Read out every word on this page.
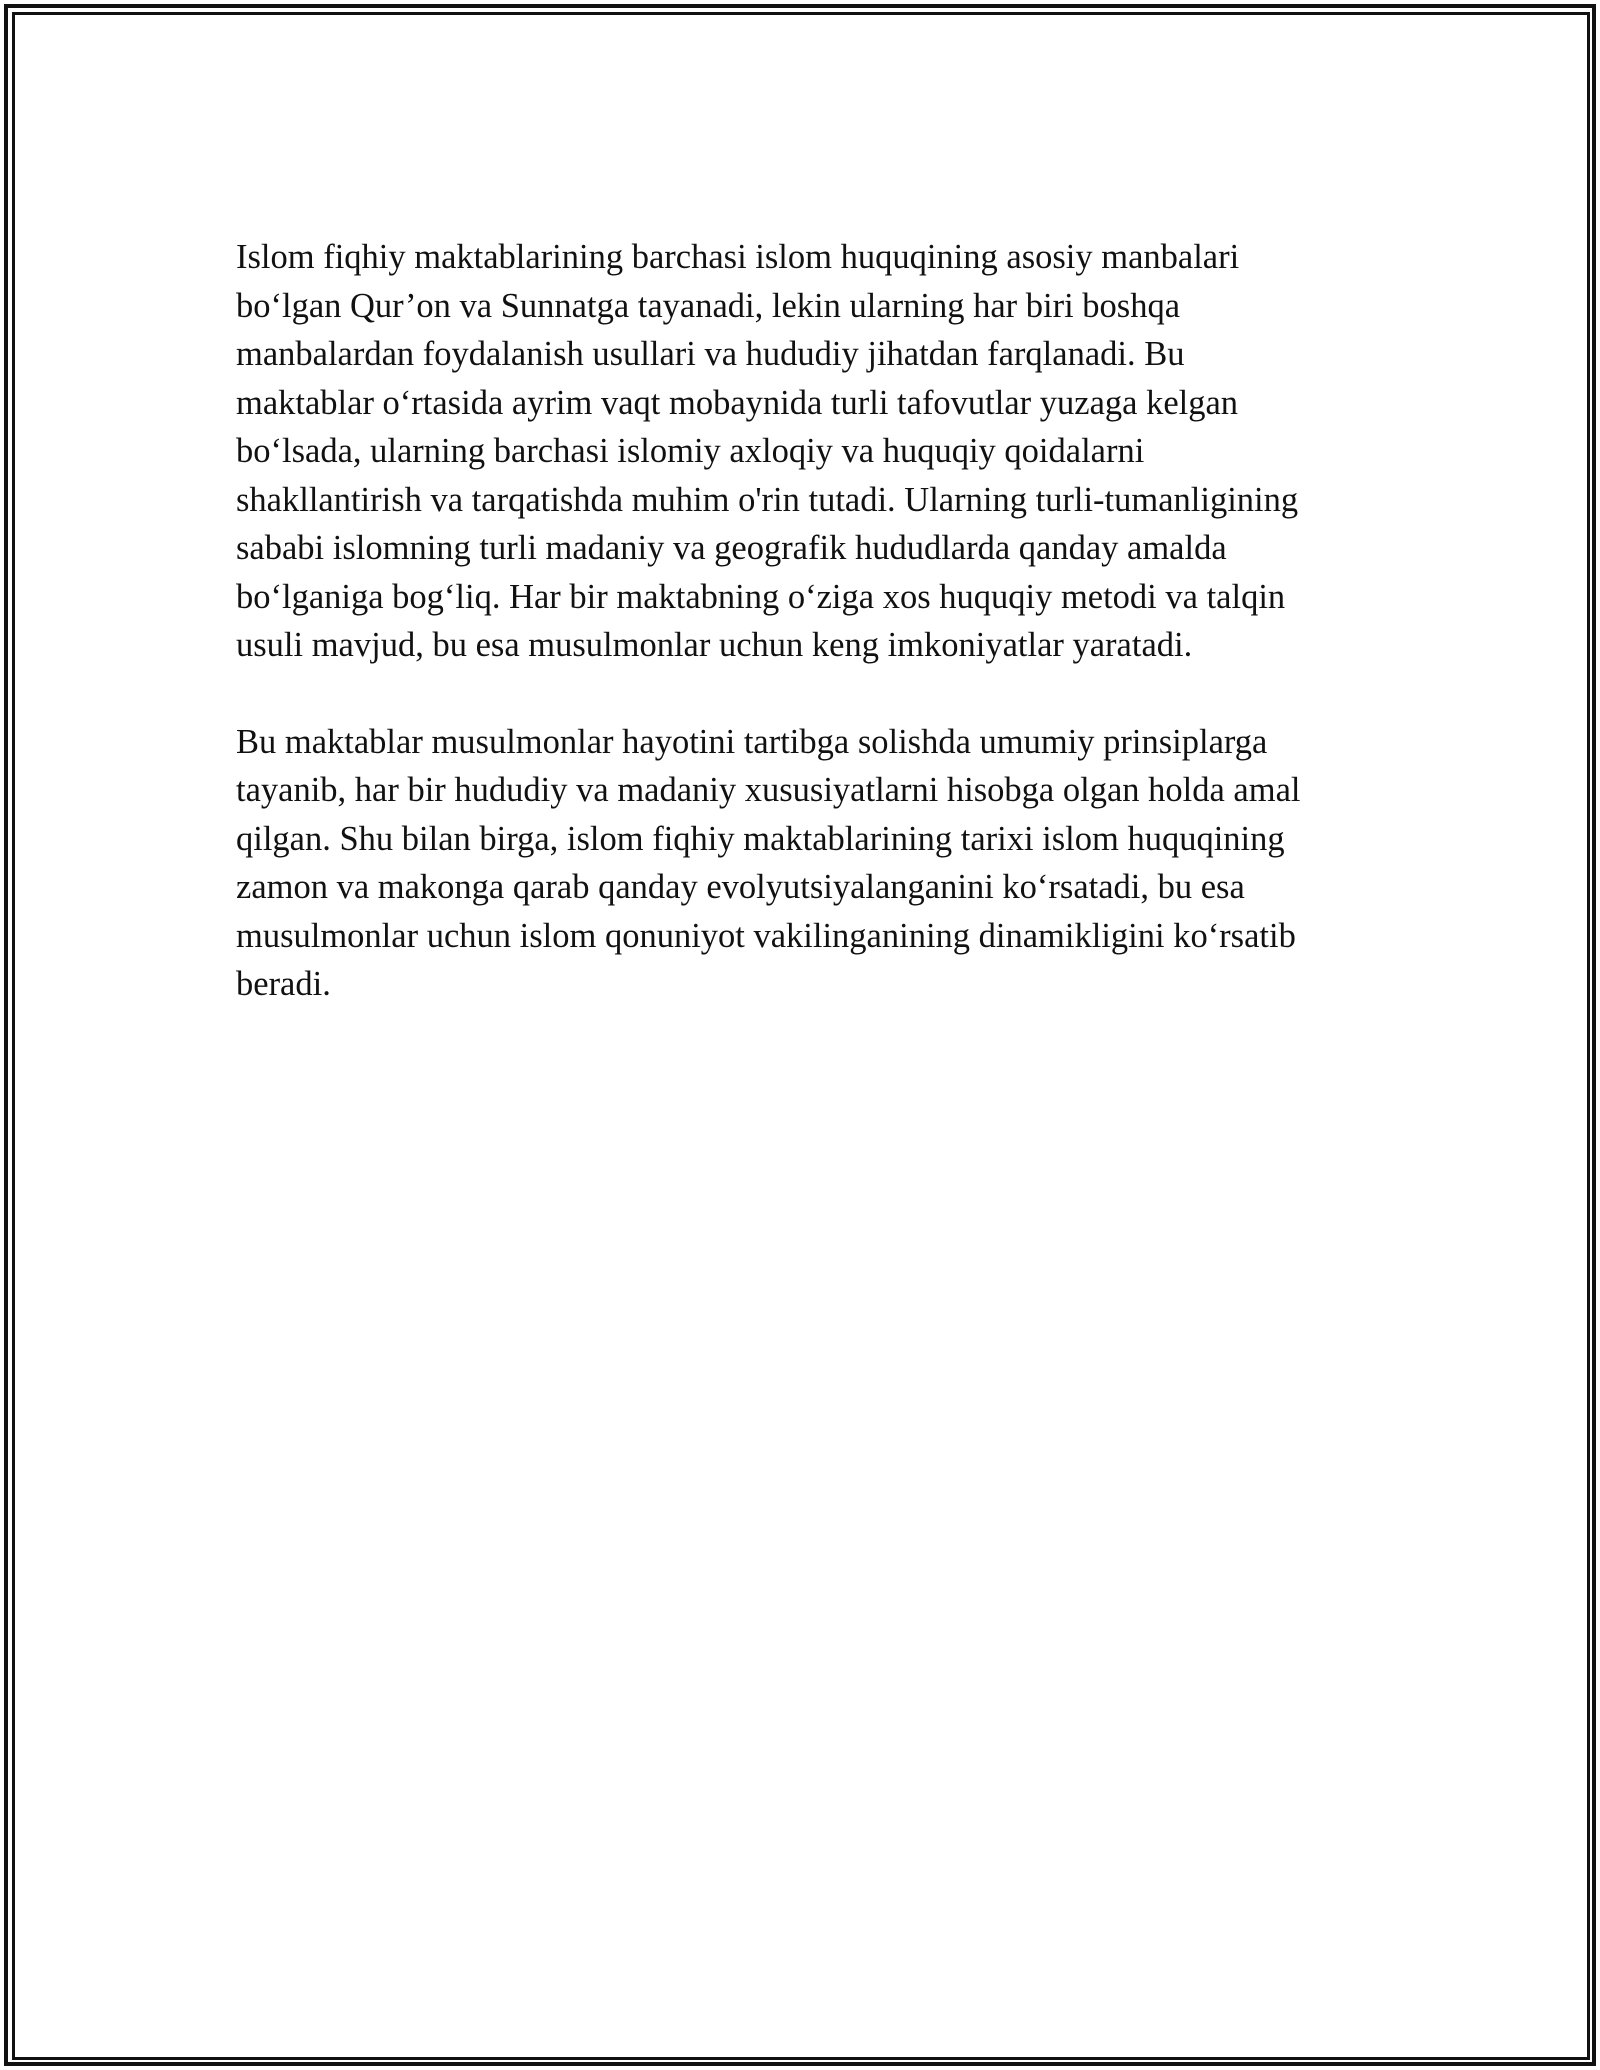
Islom fiqhiy maktablarining barchasi islom huquqining asosiy manbalari
bo‘lgan Qur’on va Sunnatga tayanadi, lekin ularning har biri boshqa
manbalardan foydalanish usullari va hududiy jihatdan farqlanadi. Bu
maktablar o‘rtasida ayrim vaqt mobaynida turli tafovutlar yuzaga kelgan
bo‘lsada, ularning barchasi islomiy axloqiy va huquqiy qoidalarni
shakllantirish va tarqatishda muhim o'rin tutadi. Ularning turli-tumanligining
sababi islomning turli madaniy va geografik hududlarda qanday amalda
bo‘lganiga bog‘liq. Har bir maktabning o‘ziga xos huquqiy metodi va talqin
usuli mavjud, bu esa musulmonlar uchun keng imkoniyatlar yaratadi.

Bu maktablar musulmonlar hayotini tartibga solishda umumiy prinsiplarga
tayanib, har bir hududiy va madaniy xususiyatlarni hisobga olgan holda amal
qilgan. Shu bilan birga, islom fiqhiy maktablarining tarixi islom huquqining
zamon va makonga qarab qanday evolyutsiyalanganini ko‘rsatadi, bu esa
musulmonlar uchun islom qonuniyot vakilinganining dinamikligini ko‘rsatib
beradi.
